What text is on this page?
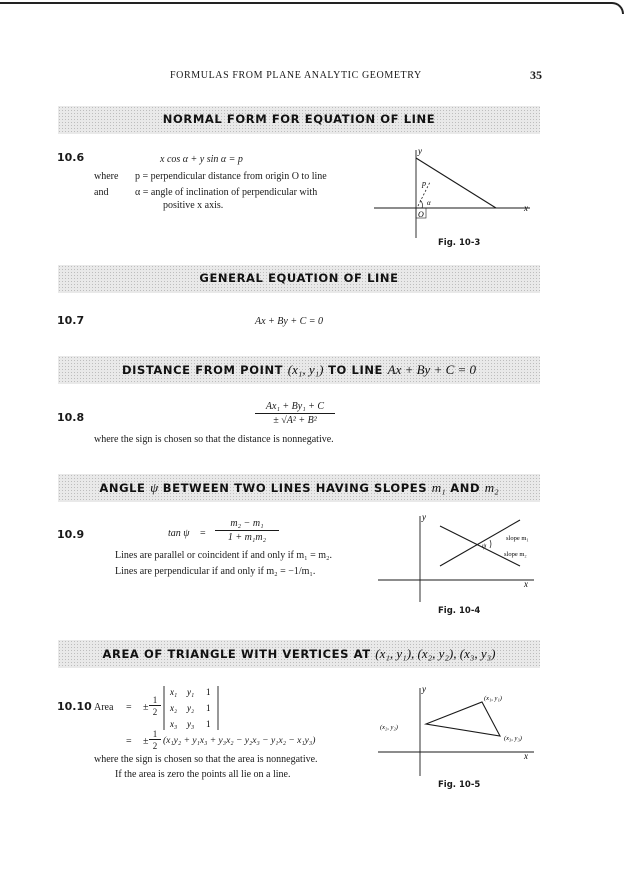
FORMULAS FROM PLANE ANALYTIC GEOMETRY	35
NORMAL FORM FOR EQUATION OF LINE
10.6	x cos α + y sin α = p
where p = perpendicular distance from origin O to line
and	α = angle of inclination of perpendicular with
positive x axis.
y
x
O
p
α
Fig. 10-3
GENERAL EQUATION OF LINE
10.7	Ax + By + C = 0
DISTANCE FROM POINT (x₁, y₁) TO LINE Ax + By + C = 0
10.8	$\frac{\text{Ax₁ + By₁ + C}}{\text{± √A² + B²}}$
where the sign is chosen so that the distance is nonnegative.
ANGLE ψ BETWEEN TWO LINES HAVING SLOPES m₁ AND m₂
10.9	$\tan \psi = \frac{\text{m₂ − m₁}}{\text{1 + m₁m₂}}$
Lines are parallel or coincident if and only if m₁ = m₂.
Lines are perpendicular if and only if m₂ = −1/m₁.
ψ
slope m₁
slope m₂
y
x
Fig. 10-4
AREA OF TRIANGLE WITH VERTICES AT (x₁, y₁), (x₂, y₂), (x₃, y₃)
10.10 Area = ± $\frac{1}{2}$
x₁ y₁ 1
x₂ y₂ 1
x₃ y₃ 1
= ± $\frac{1}{2} (x_1y_2 + y_1x_3 + y_3x_2 - y_2x_3 - y_1x_2 - x_1y_3)$
where the sign is chosen so that the area is nonnegative.
If the area is zero the points all lie on a line.
(x₁, y₁)
(x₂, y₂)
(x₃, y₃)
y
x
Fig. 10-5
